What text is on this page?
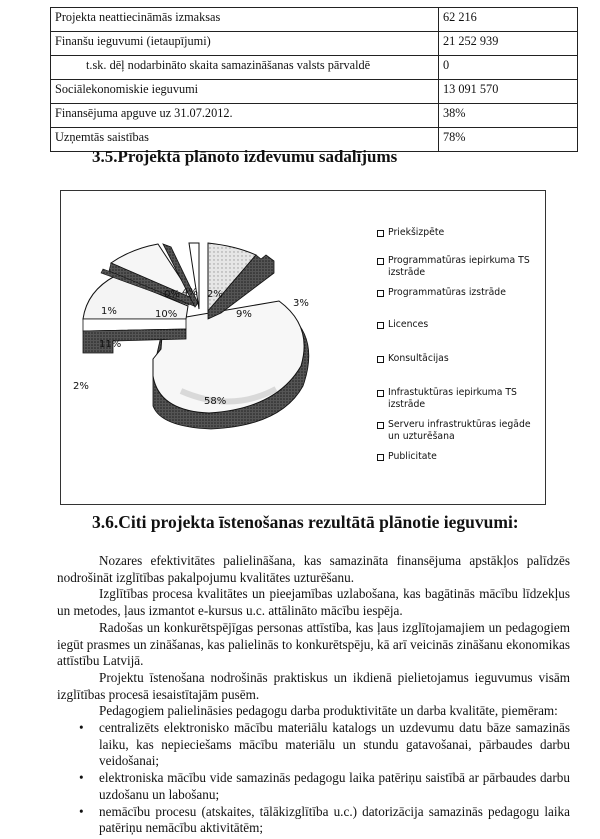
Projekta neattiecināmās izmaksas	62 216
Finanšu ieguvumi (ietaupījumi)	21 252 939
t.sk. dēļ nodarbināto skaita samazināšanas valsts pārvaldē	0
Sociālekonomiskie ieguvumi	13 091 570
Finansējuma apguve uz 31.07.2012.	38%
Uzņemtās saistības	78%
3.5.Projektā plānoto izdevumu sadalījums
58%
2%
11%
1%	10%
0% 4% 2%
9%
3%
Priekšizpēte
Programmatūras iepirkuma TS izstrāde
Programmatūras izstrāde
Licences
Konsultācijas
Infrastuktūras iepirkuma TS izstrāde
Serveru infrastruktūras iegāde un uzturēšana
Publicitate
3.6.Citi projekta īstenošanas rezultātā plānotie ieguvumi:

Nozares efektivitātes palielināšana, kas samazināta finansējuma apstākļos palīdzēs nodrošināt izglītības pakalpojumu kvalitātes uzturēšanu.

Izglītības procesa kvalitātes un pieejamības uzlabošana, kas bagātinās mācību līdzekļus un metodes, ļaus izmantot e-kursus u.c. attālināto mācību iespēja.

Radošas un konkurētspējīgas personas attīstība, kas ļaus izglītojamajiem un pedagogiem iegūt prasmes un zināšanas, kas palielinās to konkurētspēju, kā arī veicinās zināšanu ekonomikas attīstību Latvijā.

Projektu īstenošana nodrošinās praktiskus un ikdienā pielietojamus ieguvumus visām izglītības procesā iesaistītajām pusēm.

Pedagogiem palielināsies pedagogu darba produktivitāte un darba kvalitāte, piemēram:

• centralizēts elektronisko mācību materiālu katalogs un uzdevumu datu bāze samazinās laiku, kas nepieciešams mācību materiālu un stundu gatavošanai, pārbaudes darbu veidošanai;
• elektroniska mācību vide samazinās pedagogu laika patēriņu saistībā ar pārbaudes darbu uzdošanu un labošanu;
• nemācību procesu (atskaites, tālākizglītība u.c.) datorizācija samazinās pedagogu laika patēriņu nemācību aktivitātēm;
